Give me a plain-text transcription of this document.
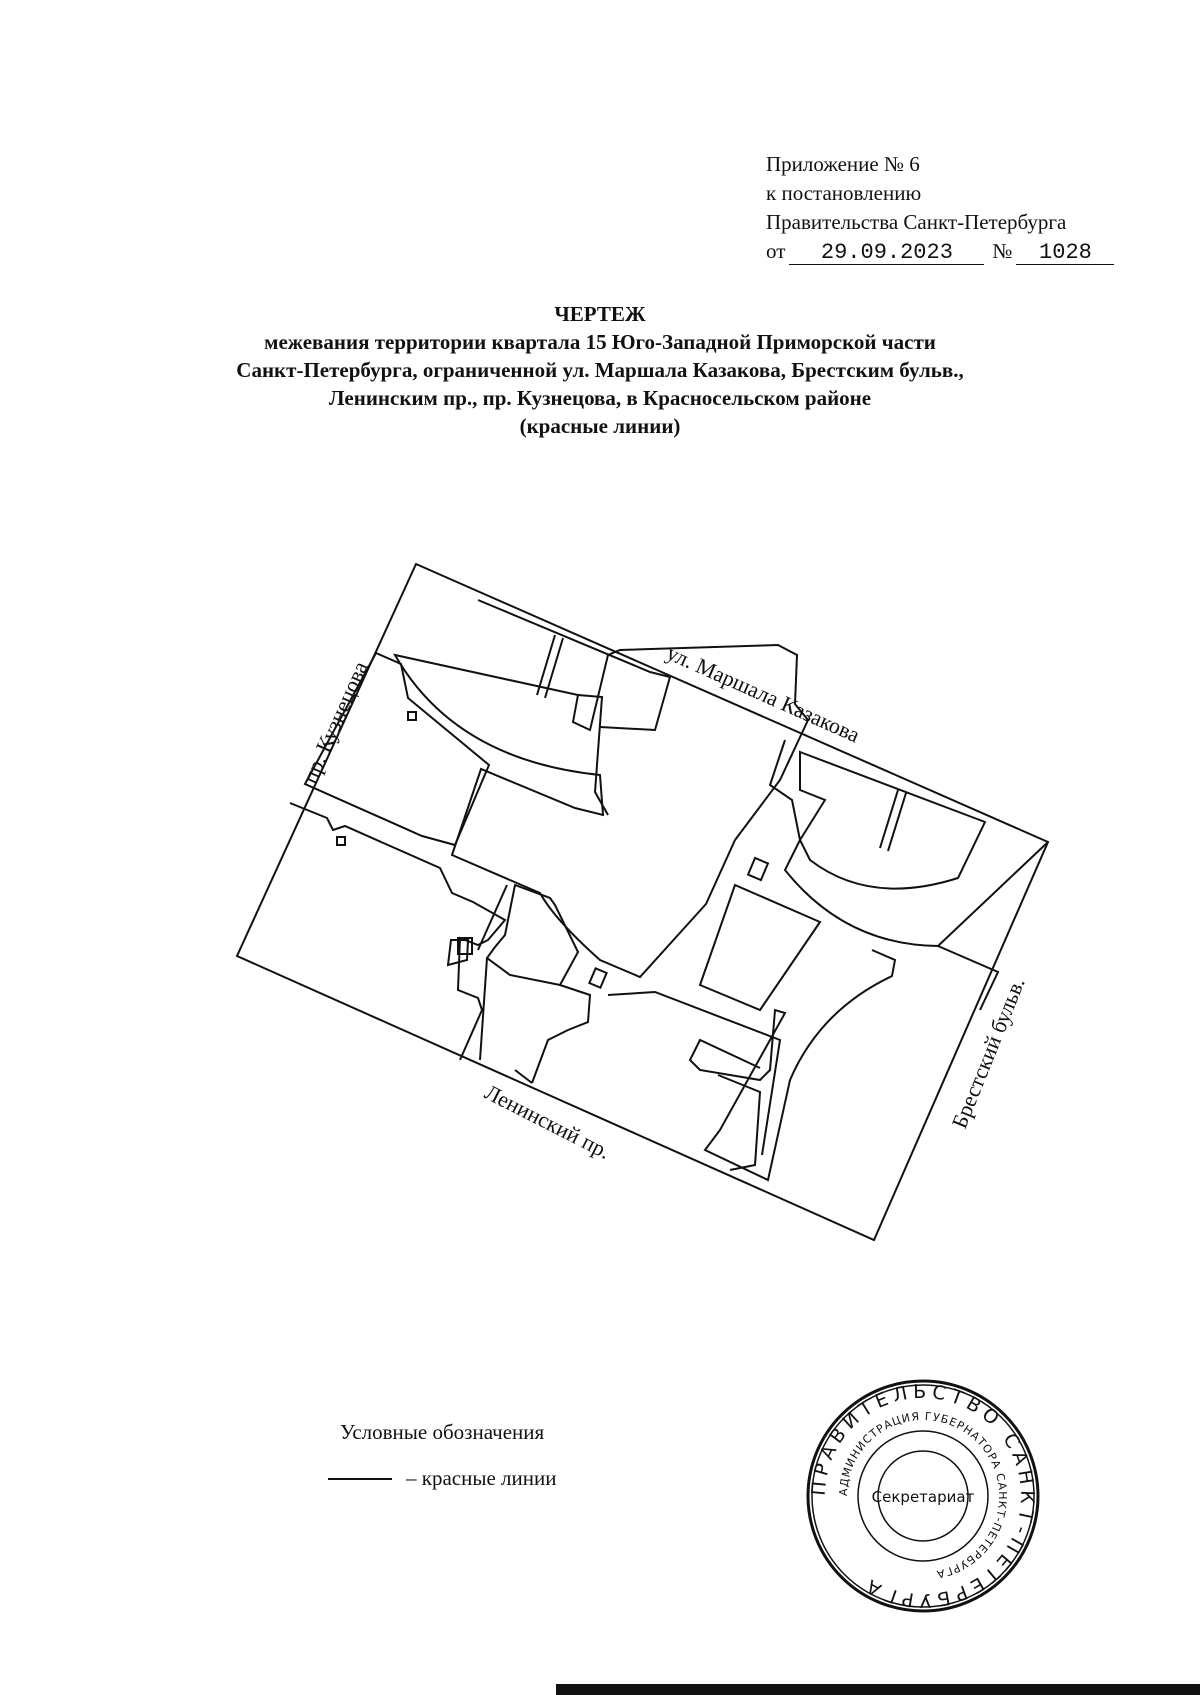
Приложение № 6
к постановлению
Правительства Санкт-Петербурга
от 29.09.2023 № 1028
ЧЕРТЕЖ
межевания территории квартала 15 Юго-Западной Приморской части
Санкт-Петербурга, ограниченной ул. Маршала Казакова, Брестским бульв.,
Ленинским пр., пр. Кузнецова, в Красносельском районе
(красные линии)
ул. Маршала Казакова
пр. Кузнецова
Ленинский пр.	Брестский бульв.
Условные обозначения
– красные линии	ПРАВИТЕЛЬСТВО САНКТ-ПЕТЕРБУРГА
АДМИНИСТРАЦИЯ ГУБЕРНАТОРА САНКТ-ПЕТЕРБУРГА
Секретариат
